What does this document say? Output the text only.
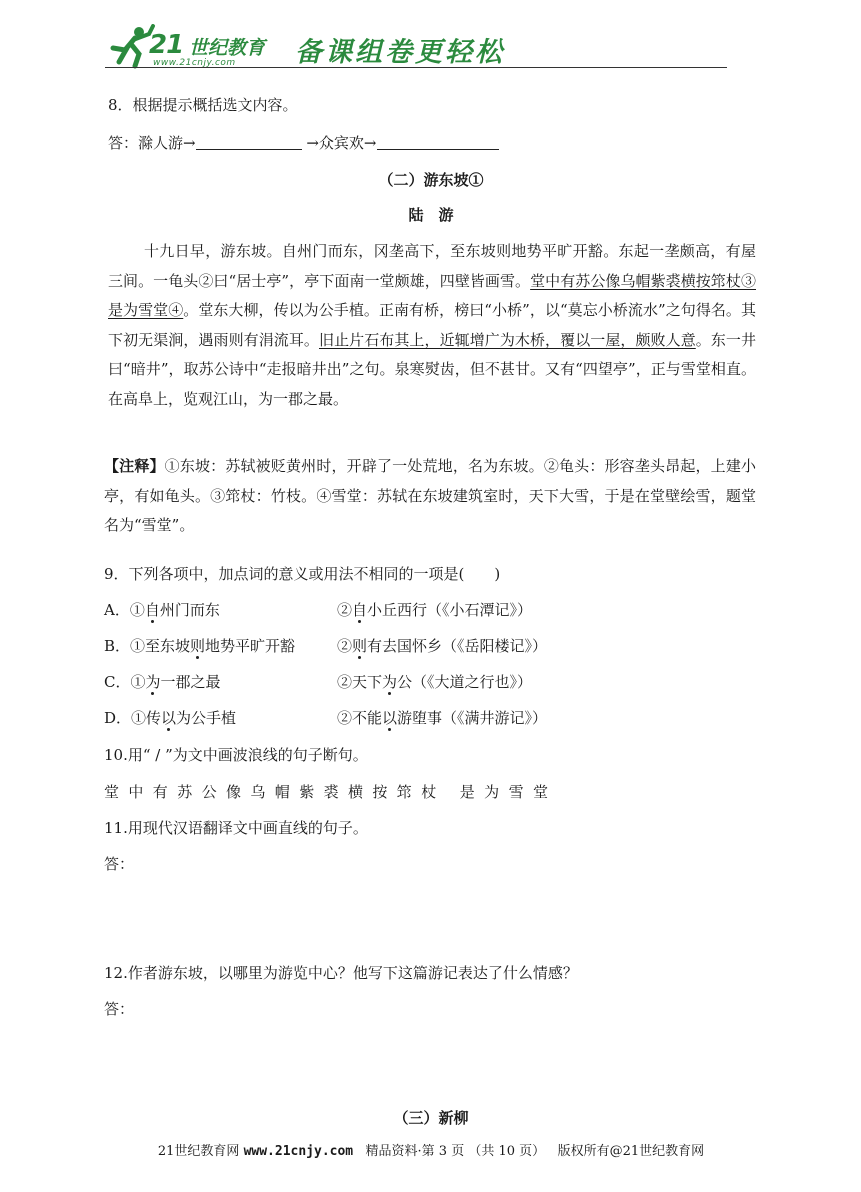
21 世纪教育
www.21cnjy.com 备课组卷更轻松
8．根据提示概括选文内容。
答：滁人游→	→众宾欢→
（二）游东坡①
陆　游
十九日早，游东坡。自州门而东，冈垄高下，至东坡则地势平旷开豁。东起一垄颇高，有屋三间。一龟头②曰“居士亭”，亭下面南一堂颇雄，四壁皆画雪。堂中有苏公像乌帽紫裘横按筇杖③是为雪堂④。堂东大柳，传以为公手植。正南有桥，榜曰“小桥”，以“莫忘小桥流水”之句得名。其下初无渠涧，遇雨则有涓流耳。旧止片石布其上，近辄增广为木桥，覆以一屋，颇败人意。东一井曰“暗井”，取苏公诗中“走报暗井出”之句。泉寒熨齿，但不甚甘。又有“四望亭”，正与雪堂相直。在高阜上，览观江山，为一郡之最。
【注释】①东坡：苏轼被贬黄州时，开辟了一处荒地，名为东坡。②龟头：形容垄头昂起，上建小亭，有如龟头。③筇杖：竹枝。④雪堂：苏轼在东坡建筑室时，天下大雪，于是在堂壁绘雪，题堂名为“雪堂”。
9．下列各项中，加点词的意义或用法不相同的一项是(　　)
A．①自州门而东	②自小丘西行（《小石潭记》）
B．①至东坡则地势平旷开豁	②则有去国怀乡（《岳阳楼记》）
C．①为一郡之最	②天下为公（《大道之行也》）
D．①传以为公手植	②不能以游堕事（《满井游记》）
10.用“ / ”为文中画波浪线的句子断句。
堂中有苏公像乌帽紫裘横按筇杖 是为雪堂
11.用现代汉语翻译文中画直线的句子。
答：
12.作者游东坡，以哪里为游览中心？他写下这篇游记表达了什么情感？
答：
（三）新柳
21世纪教育网 www.21cnjy.com 精品资料·第 3 页 （共 10 页） 版权所有@21世纪教育网
